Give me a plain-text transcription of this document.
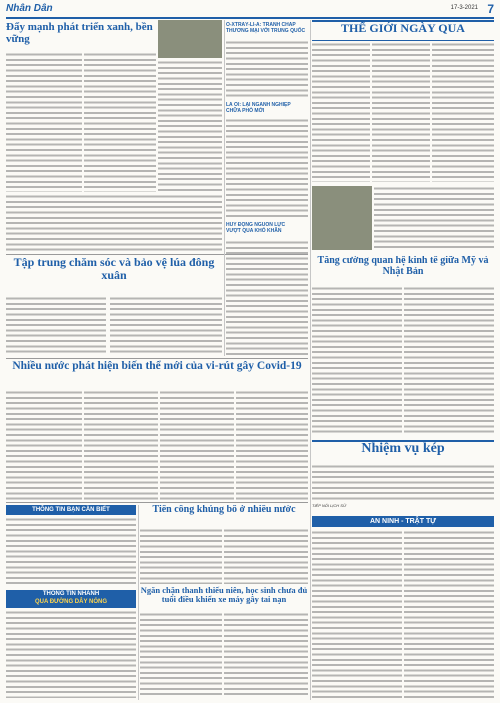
Nhân Dân	17-3-2021 7
Đẩy mạnh phát triển xanh, bền vững
Ô-XTRÂY-LI-A: TRANH CHẤP THƯƠNG MẠI VỚI TRUNG QUỐC
LÀ ÔI: LẠI NGÀNH NGHIỆP
CHỮA PHÒ MỚI
THẾ GIỚI NGÀY QUA
Tập trung chăm sóc và bảo vệ lúa đông xuân
Tăng cường quan hệ kinh tế giữa Mỹ và Nhật Bản
HUY ĐỘNG NGUỒN LỰC
VƯỢT QUA KHÓ KHĂN
Nhiều nước phát hiện biến thể mới của vi-rút gây Covid-19
Nhiệm vụ kép
TIẾP NỐI LỊCH SỬ
THÔNG TIN BẠN CẦN BIẾT
THÔNG TIN NHANH
QUA ĐƯỜNG DÂY NÓNG
Tiến công khủng bố ở nhiều nước
Ngăn chặn thanh thiếu niên, học sinh chưa đủ tuổi điều khiển xe máy gây tai nạn
AN NINH - TRẬT TỰ
